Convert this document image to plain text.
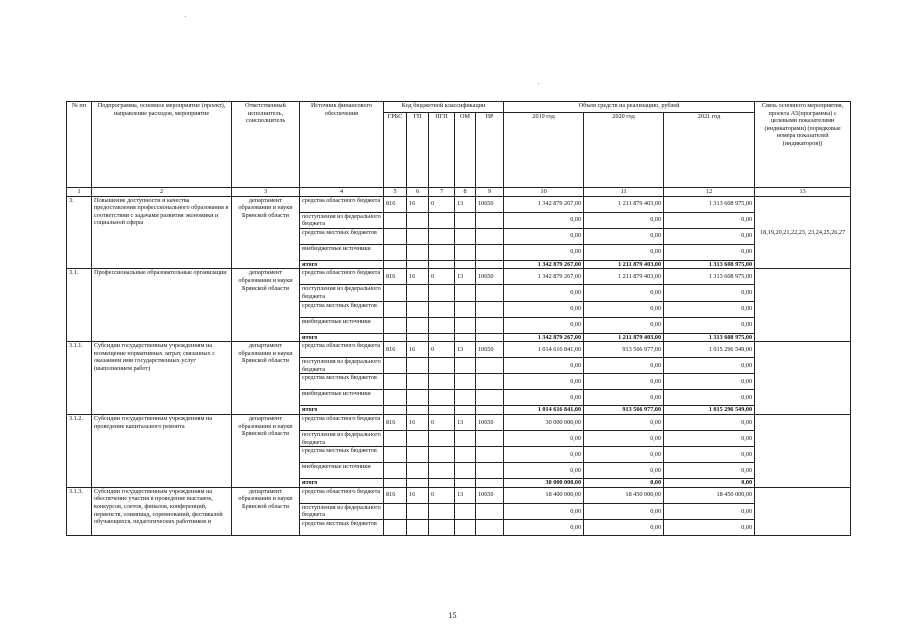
№ пп	Подпрограмма, основное мероприятие (проект), направление расходов, мероприятие	Ответственный исполнитель, соисполнитель	Источник финансового обеспечения	Код бюджетной классификации					Объем средств на реализацию, рублей			Связь основного мероприятия, проекта А5(программы) с целевыми показателями (индикаторами) (порядковые номера показателей (индикаторов))
				ГРБС	ГП	ПГП	ОМ	НР	2019 год	2020 год	2021 год	
1	2	3	4	5	6	7	8	9	10	11	12	13
3.	Повышение доступности и качества предоставления профессионального образования в соответствии с задачами развития экономики и социальной сферы	департамент образования и науки Брянской области	средства областного бюджета	816	16	0	13	10650	1 342 879 267,00	1 211 879 403,00	1 313 608 975,00	18,19,20,21,22,23, 23,24,25,26,27
			поступления из федерального бюджета						0,00	0,00	0,00	
			средства местных бюджетов						0,00	0,00	0,00	
			внебюджетные источники						0,00	0,00	0,00	
			итого						1 342 879 267,00	1 211 879 403,00	1 313 608 975,00	
3.1.	Профессиональные образовательные организации	департамент образования и науки Брянской области	средства областного бюджета	816	16	0	13	10650	1 342 879 267,00	1 211 879 403,00	1 313 608 975,00	
			поступления из федерального бюджета						0,00	0,00	0,00	
			средства местных бюджетов						0,00	0,00	0,00	
			внебюджетные источники						0,00	0,00	0,00	
			итого						1 342 879 267,00	1 211 879 403,00	1 313 608 975,00	
3.1.1.	Субсидии государственным учреждениям на возмещение нормативных затрат, связанных с оказанием ими государственных услуг (выполнением работ)	департамент образования и науки Брянской области	средства областного бюджета	816	16	0	13	10650	1 014 616 841,00	913 566 977,00	1 015 296 549,00	
			поступления из федерального бюджета						0,00	0,00	0,00	
			средства местных бюджетов						0,00	0,00	0,00	
			внебюджетные источники						0,00	0,00	0,00	
			итого						1 014 616 841,00	913 566 977,00	1 015 296 549,00	
3.1.2.	Субсидии государственным учреждениям на проведение капитального ремонта	департамент образования и науки Брянской области	средства областного бюджета	816	16	0	13	10650	30 000 000,00	0,00	0,00	
			поступления из федерального бюджета						0,00	0,00	0,00	
			средства местных бюджетов						0,00	0,00	0,00	
			внебюджетные источники						0,00	0,00	0,00	
			итого						30 000 000,00	0,00	0,00	
3.1.3.	Субсидии государственным учреждениям на обеспечение участия в проведение выставок, конкурсов, слетов, финалов, конференций, первенств, олимпиад, соревнований, фестивалей обучающихся, педагогических работников и	департамент образования и науки Брянской области	средства областного бюджета	816	16	0	13	10650	18 400 000,00	18 450 000,00	18 450 000,00	
			поступления из федерального бюджета						0,00	0,00	0,00	
			средства местных бюджетов						0,00	0,00	0,00	
15
